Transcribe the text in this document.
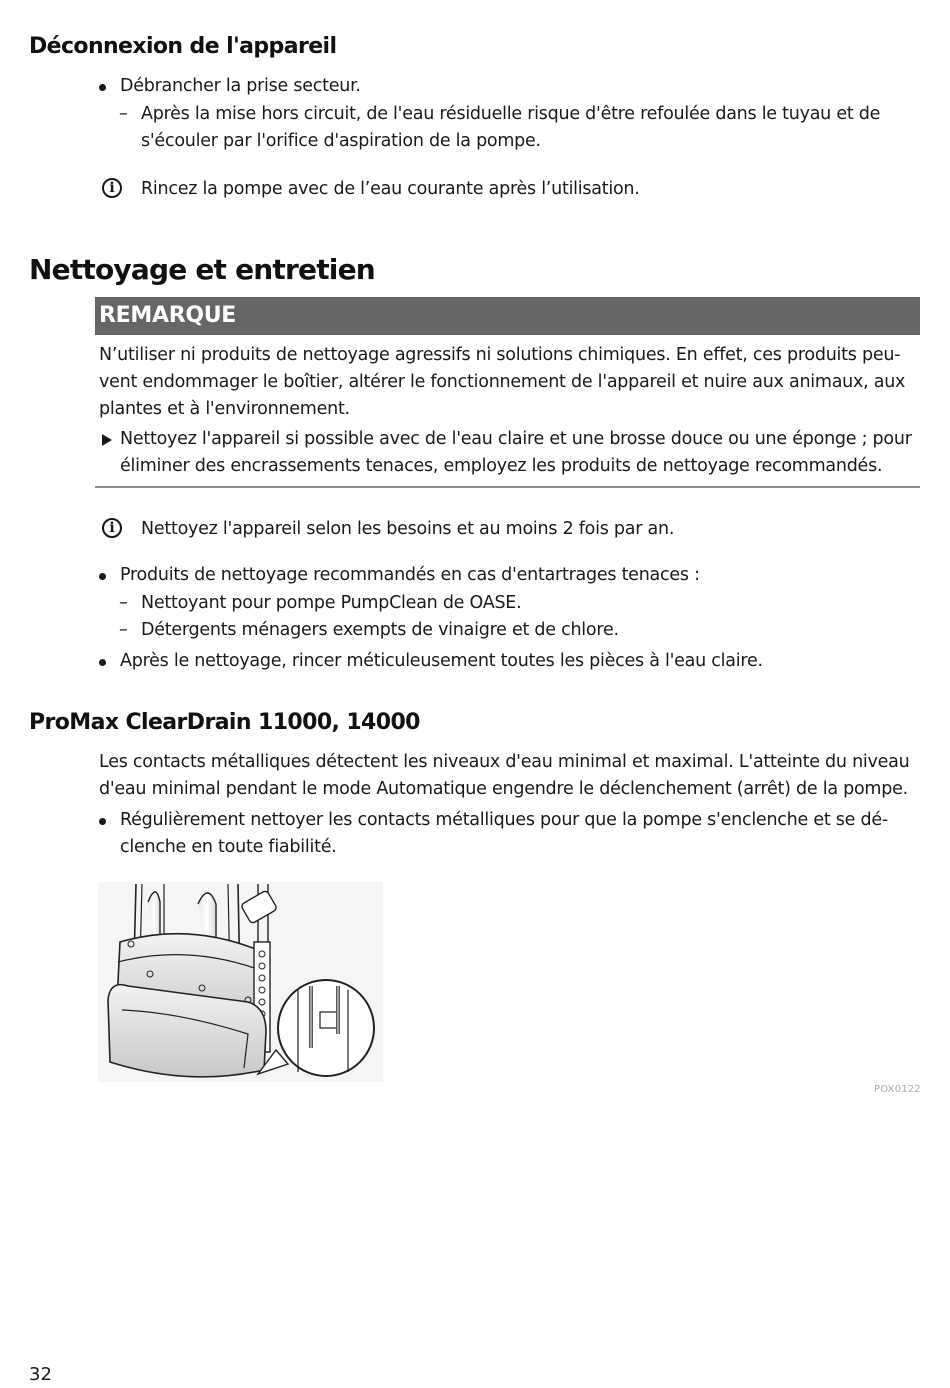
Déconnexion de l'appareil
Débrancher la prise secteur.
– Après la mise hors circuit, de l'eau résiduelle risque d'être refoulée dans le tuyau et de
s'écouler par l'orifice d'aspiration de la pompe.
i	Rincez la pompe avec de l’eau courante après l’utilisation.
Nettoyage et entretien
REMARQUE
N’utiliser ni produits de nettoyage agressifs ni solutions chimiques. En effet, ces produits peu-
vent endommager le boîtier, altérer le fonctionnement de l'appareil et nuire aux animaux, aux
plantes et à l'environnement.
Nettoyez l'appareil si possible avec de l'eau claire et une brosse douce ou une éponge ; pour
éliminer des encrassements tenaces, employez les produits de nettoyage recommandés.
i	Nettoyez l'appareil selon les besoins et au moins 2 fois par an.
Produits de nettoyage recommandés en cas d'entartrages tenaces :
– Nettoyant pour pompe PumpClean de OASE.
– Détergents ménagers exempts de vinaigre et de chlore.
Après le nettoyage, rincer méticuleusement toutes les pièces à l'eau claire.
ProMax ClearDrain 11000, 14000
Les contacts métalliques détectent les niveaux d'eau minimal et maximal. L'atteinte du niveau
d'eau minimal pendant le mode Automatique engendre le déclenchement (arrêt) de la pompe.
Régulièrement nettoyer les contacts métalliques pour que la pompe s'enclenche et se dé-
clenche en toute fiabilité.
POX0122
32
